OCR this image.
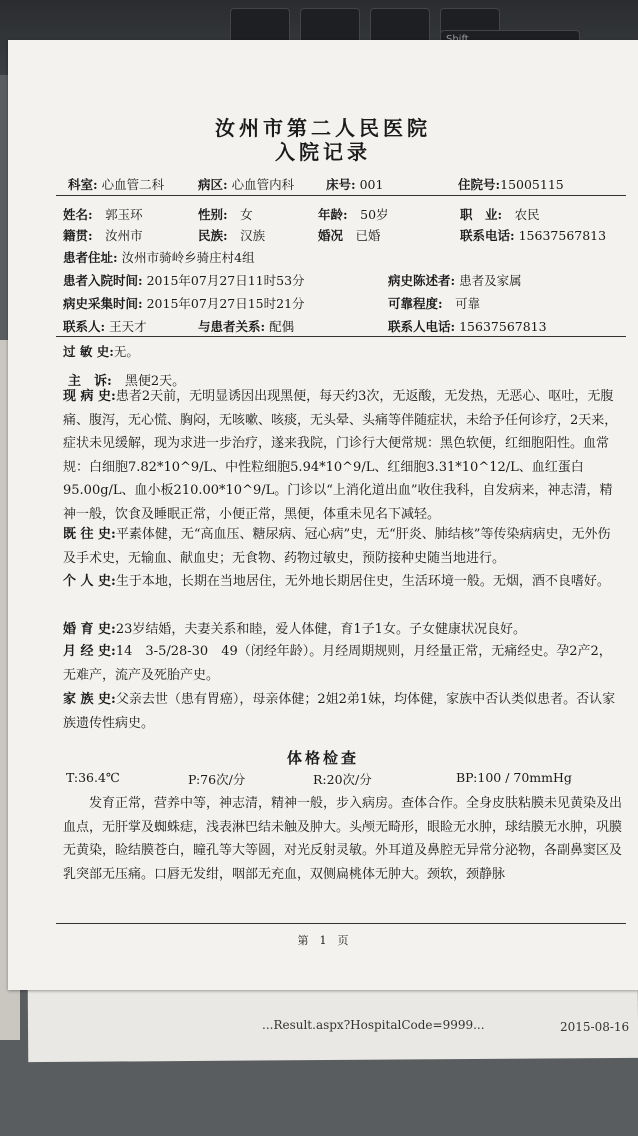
...Result.aspx?HospitalCode=9999...	2015-08-16
汝州市第二人民医院
入院记录
科室: 心血管二科	病区: 心血管内科	床号: 001	住院号:15005115
姓名:　 郭玉环	性别:　 女	年龄:　 50岁	职　业:　 农民
籍贯:　 汝州市	民族:　 汉族	婚况　 已婚	联系电话: 15637567813
患者住址: 汝州市骑岭乡骑庄村4组
患者入院时间: 2015年07月27日11时53分	病史陈述者: 患者及家属
病史采集时间: 2015年07月27日15时21分	可靠程度:　 可靠
联系人: 王天才	与患者关系: 配偶	联系人电话: 15637567813
过 敏 史:无。
主　诉:　 黑便2天。
现 病 史:患者2天前，无明显诱因出现黑便，每天约3次，无返酸，无发热，无恶心、呕吐，无腹痛、腹泻，无心慌、胸闷，无咳嗽、咳痰，无头晕、头痛等伴随症状，未给予任何诊疗，2天来，症状未见缓解，现为求进一步治疗，遂来我院，门诊行大便常规：黑色软便，红细胞阳性。血常规：白细胞7.82*10^9/L、中性粒细胞5.94*10^9/L、红细胞3.31*10^12/L、血红蛋白95.00g/L、血小板210.00*10^9/L。门诊以“上消化道出血”收住我科，自发病来，神志清，精神一般，饮食及睡眠正常，小便正常，黑便，体重未见名下减轻。
既 往 史:平素体健，无“高血压、糖尿病、冠心病”史，无“肝炎、肺结核”等传染病病史，无外伤及手术史，无输血、献血史；无食物、药物过敏史，预防接种史随当地进行。
个 人 史:生于本地，长期在当地居住，无外地长期居住史，生活环境一般。无烟，酒不良嗜好。
婚 育 史:23岁结婚，夫妻关系和睦，爱人体健，育1子1女。子女健康状况良好。
月 经 史:14　3-5/28-30　49（闭经年龄）。月经周期规则，月经量正常，无痛经史。孕2产2，无难产，流产及死胎产史。
家 族 史:父亲去世（患有胃癌），母亲体健；2姐2弟1妹，均体健，家族中否认类似患者。否认家族遗传性病史。
体格检查
T:36.4℃	P:76次/分	R:20次/分	BP:100 / 70mmHg
发育正常，营养中等，神志清，精神一般，步入病房。查体合作。全身皮肤粘膜未见黄染及出血点，无肝掌及蜘蛛痣，浅表淋巴结未触及肿大。头颅无畸形，眼睑无水肿，球结膜无水肿，巩膜无黄染，睑结膜苍白，瞳孔等大等圆，对光反射灵敏。外耳道及鼻腔无异常分泌物，各副鼻窦区及乳突部无压痛。口唇无发绀，咽部无充血，双侧扁桃体无肿大。颈软，颈静脉
第　1　页
